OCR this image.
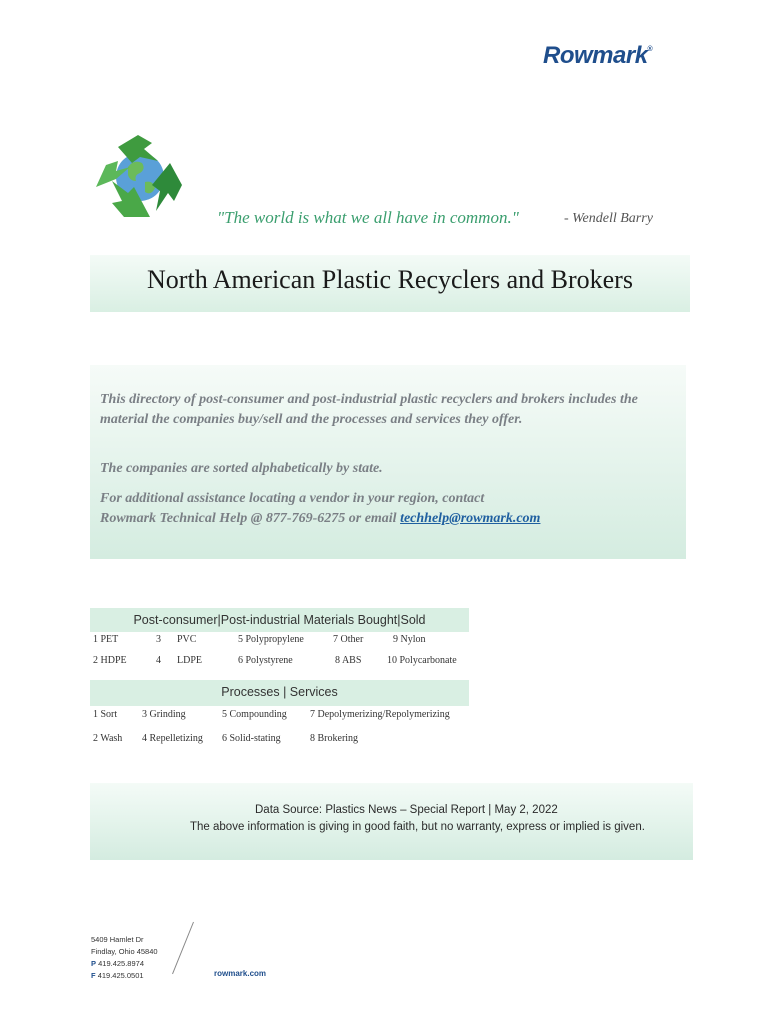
Rowmark®
"The world is what we all have in common."	- Wendell Barry
North American Plastic Recyclers and Brokers
This directory of post-consumer and post-industrial plastic recyclers and brokers includes the material the companies buy/sell and the processes and services they offer.
The companies are sorted alphabetically by state.
For additional assistance locating a vendor in your region, contact
Rowmark Technical Help @ 877-769-6275 or email techhelp@rowmark.com
Post-consumer|Post-industrial Materials Bought|Sold
1 PET	3 PVC	5 Polypropylene	7 Other	9 Nylon
2 HDPE	4 LDPE	6 Polystyrene	8 ABS	10 Polycarbonate
Processes | Services
1 Sort 3 Grinding	5 Compounding 7 Depolymerizing/Repolymerizing
2 Wash 4 Repelletizing 6 Solid-stating	8 Brokering
Data Source: Plastics News – Special Report | May 2, 2022
The above information is giving in good faith, but no warranty, express or implied is given.
5409 Hamlet Dr
Findlay, Ohio 45840
P 419.425.8974
F 419.425.0501	rowmark.com
